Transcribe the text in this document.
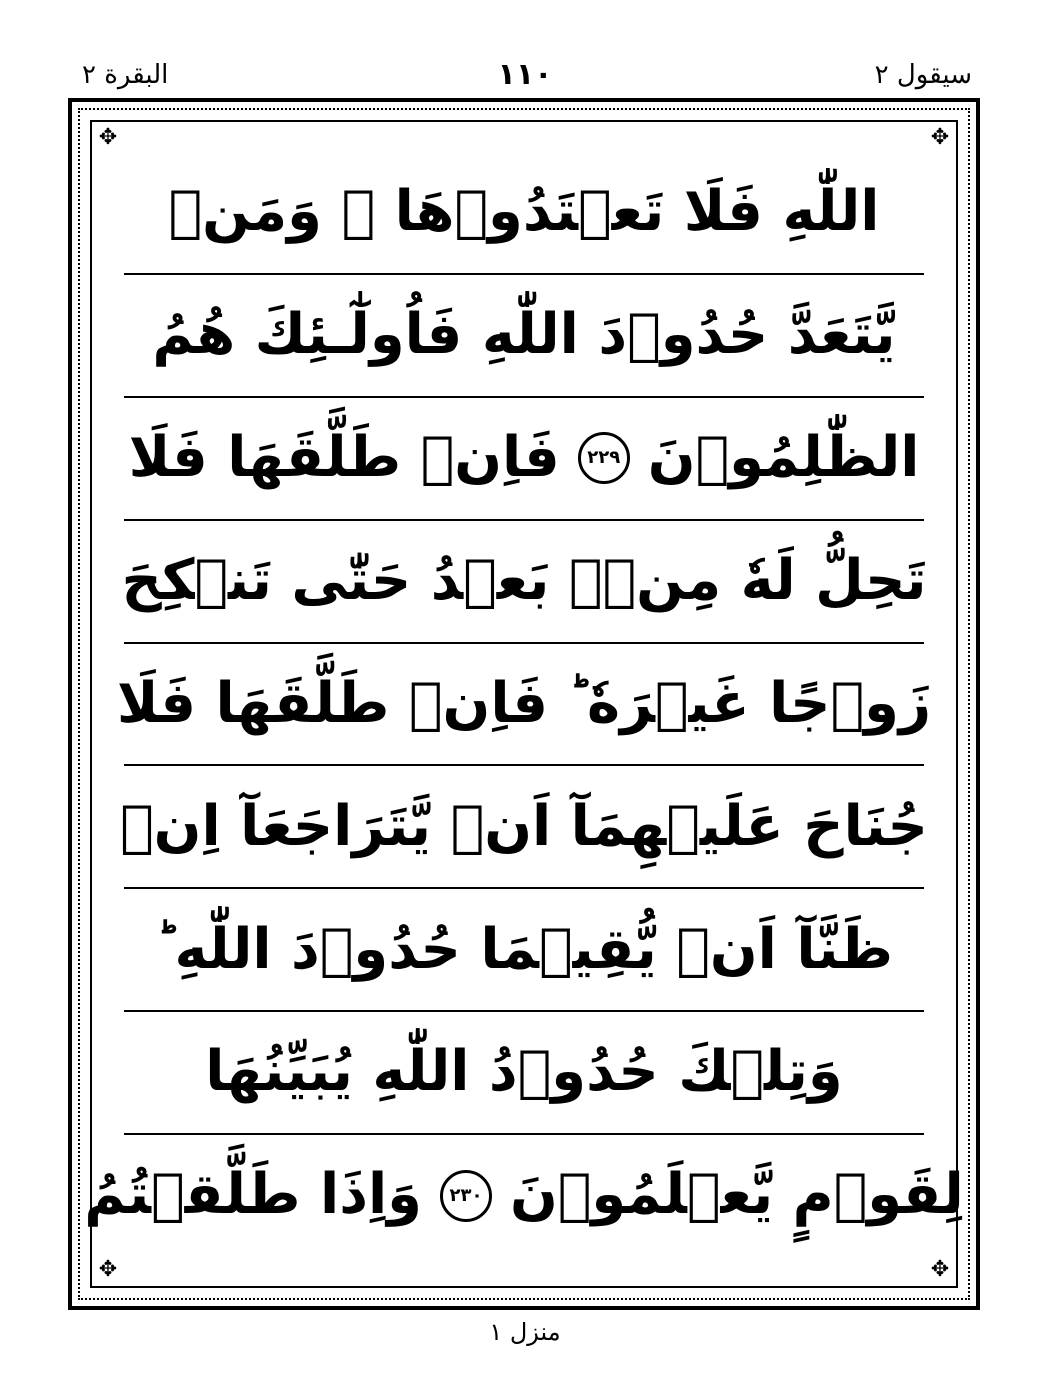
البقرة ٢	١١٠	سيقول ٢
✥	✥
✥	✥
اللّٰهِ فَلَا تَعۡتَدُوۡهَا ۚ وَمَنۡ
يَّتَعَدَّ حُدُوۡدَ اللّٰهِ فَاُولٰٓـئِكَ هُمُ
الظّٰلِمُوۡنَ
٢٢٩
فَاِنۡ طَلَّقَهَا فَلَا
تَحِلُّ لَهٗ مِنۡۢ بَعۡدُ حَتّٰى تَنۡكِحَ
زَوۡجًا غَيۡرَهٗ ؕ فَاِنۡ طَلَّقَهَا فَلَا
جُنَاحَ عَلَيۡهِمَآ اَنۡ يَّتَرَاجَعَآ اِنۡ
ظَنَّآ اَنۡ يُّقِيۡمَا حُدُوۡدَ اللّٰهِ ؕ
وَتِلۡكَ حُدُوۡدُ اللّٰهِ يُبَيِّنُهَا
لِقَوۡمٍ يَّعۡلَمُوۡنَ
٢٣٠
وَاِذَا طَلَّقۡتُمُ
منزل ١
